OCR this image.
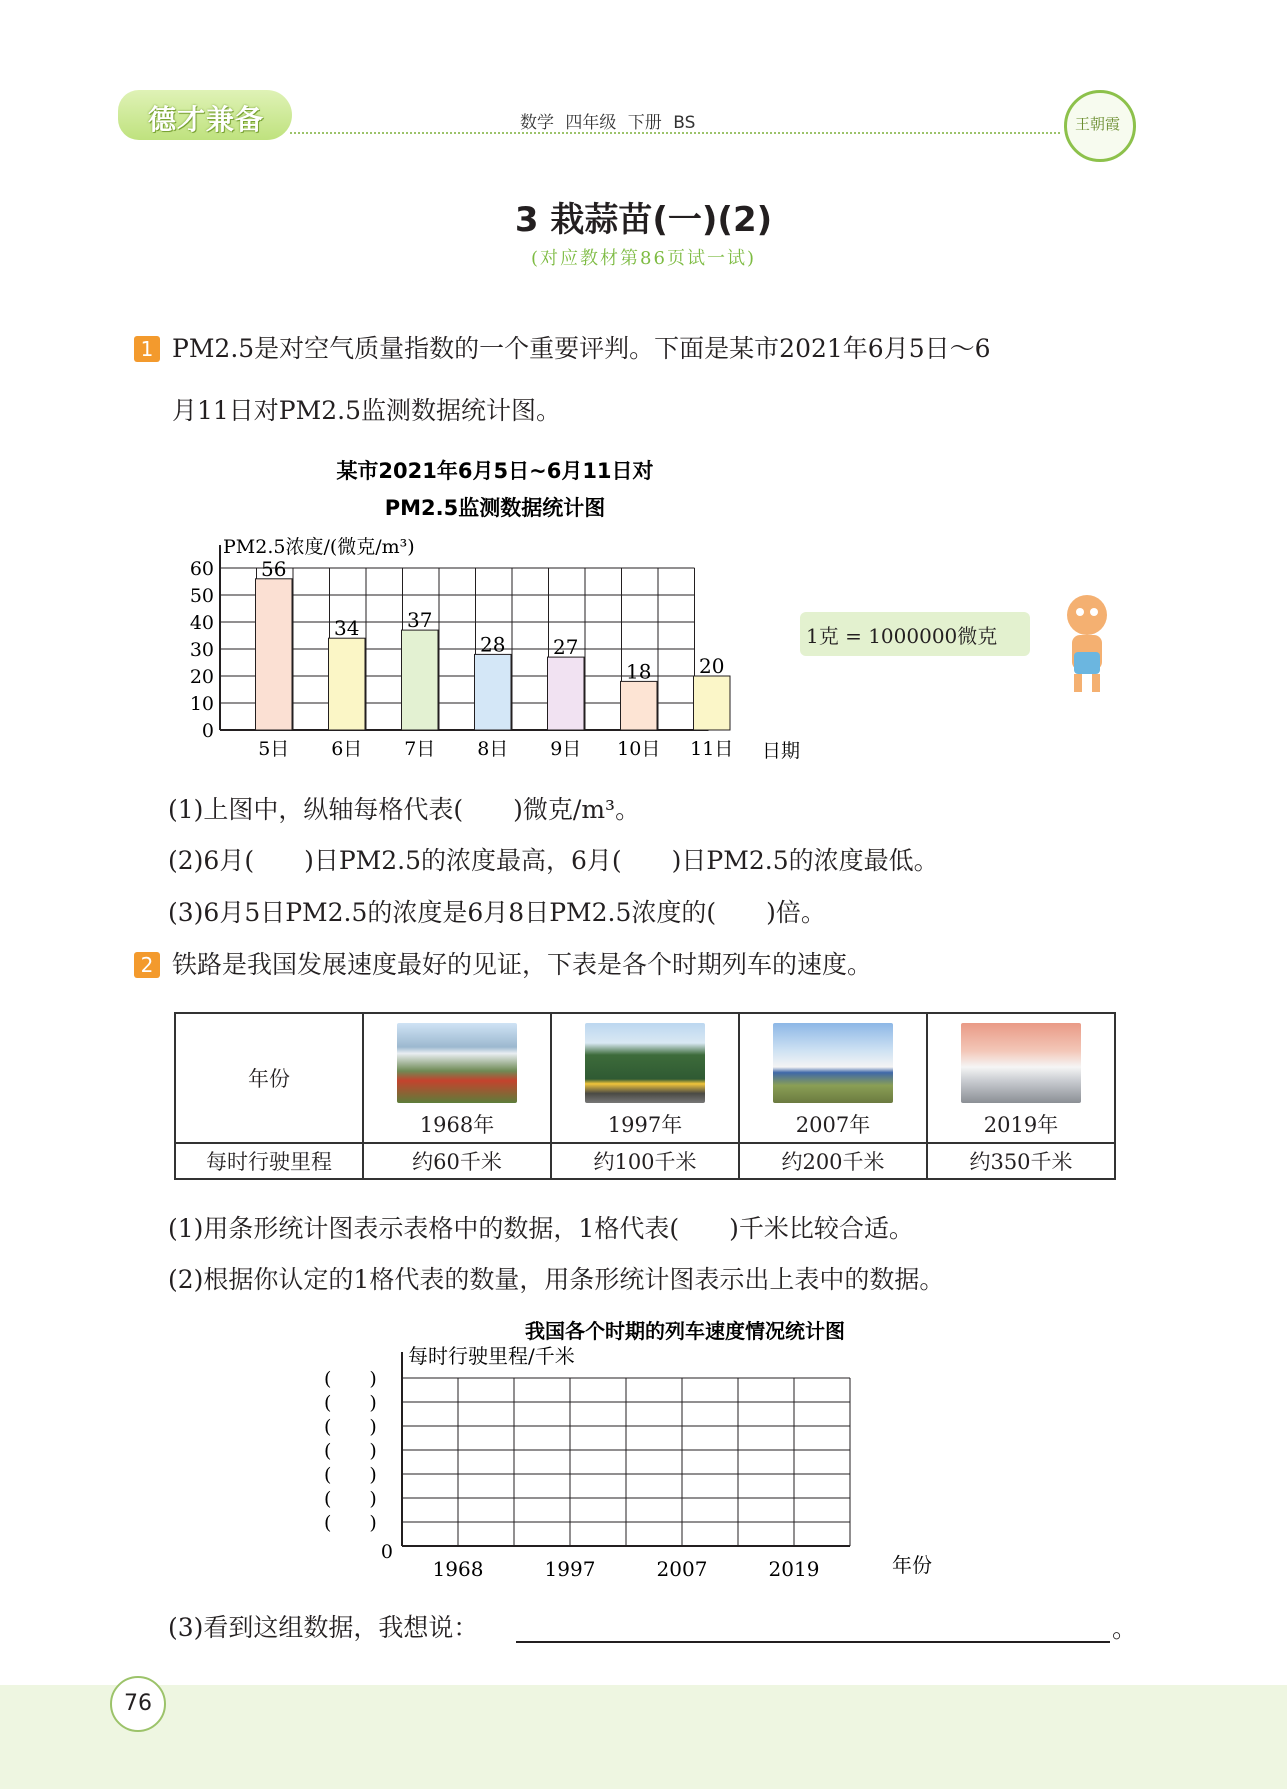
德才兼备	数学 四年级 下册 BS	王朝霞
3 栽蒜苗(一)(2)
(对应教材第86页试一试)
1 PM2.5是对空气质量指数的一个重要评判。下面是某市2021年6月5日～6
月11日对PM2.5监测数据统计图。
某市2021年6月5日~6月11日对
PM2.5监测数据统计图
PM2.5浓度/(微克/m³)
日期
0
10
20
30
40
50
60 56
5日
34
6日
37
7日
28
8日
27
9日
18
10日
20
11日
1克 = 1000000微克
(1)上图中，纵轴每格代表(　　)微克/m³。
(2)6月(　　)日PM2.5的浓度最高，6月(　　)日PM2.5的浓度最低。
(3)6月5日PM2.5的浓度是6月8日PM2.5浓度的(　　)倍。
2 铁路是我国发展速度最好的见证，下表是各个时期列车的速度。
年份	1968年	1997年	2007年	2019年

每时行驶里程	约60千米	约100千米	约200千米	约350千米
(1)用条形统计图表示表格中的数据，1格代表(　　)千米比较合适。
(2)根据你认定的1格代表的数量，用条形统计图表示出上表中的数据。
我国各个时期的列车速度情况统计图
每时行驶里程/千米
年份
0
(　　)
(　　)
(　　)
(　　)
(　　)
(　　)
(　　)
1968	1997	2007	2019
(3)看到这组数据，我想说：	。
76
